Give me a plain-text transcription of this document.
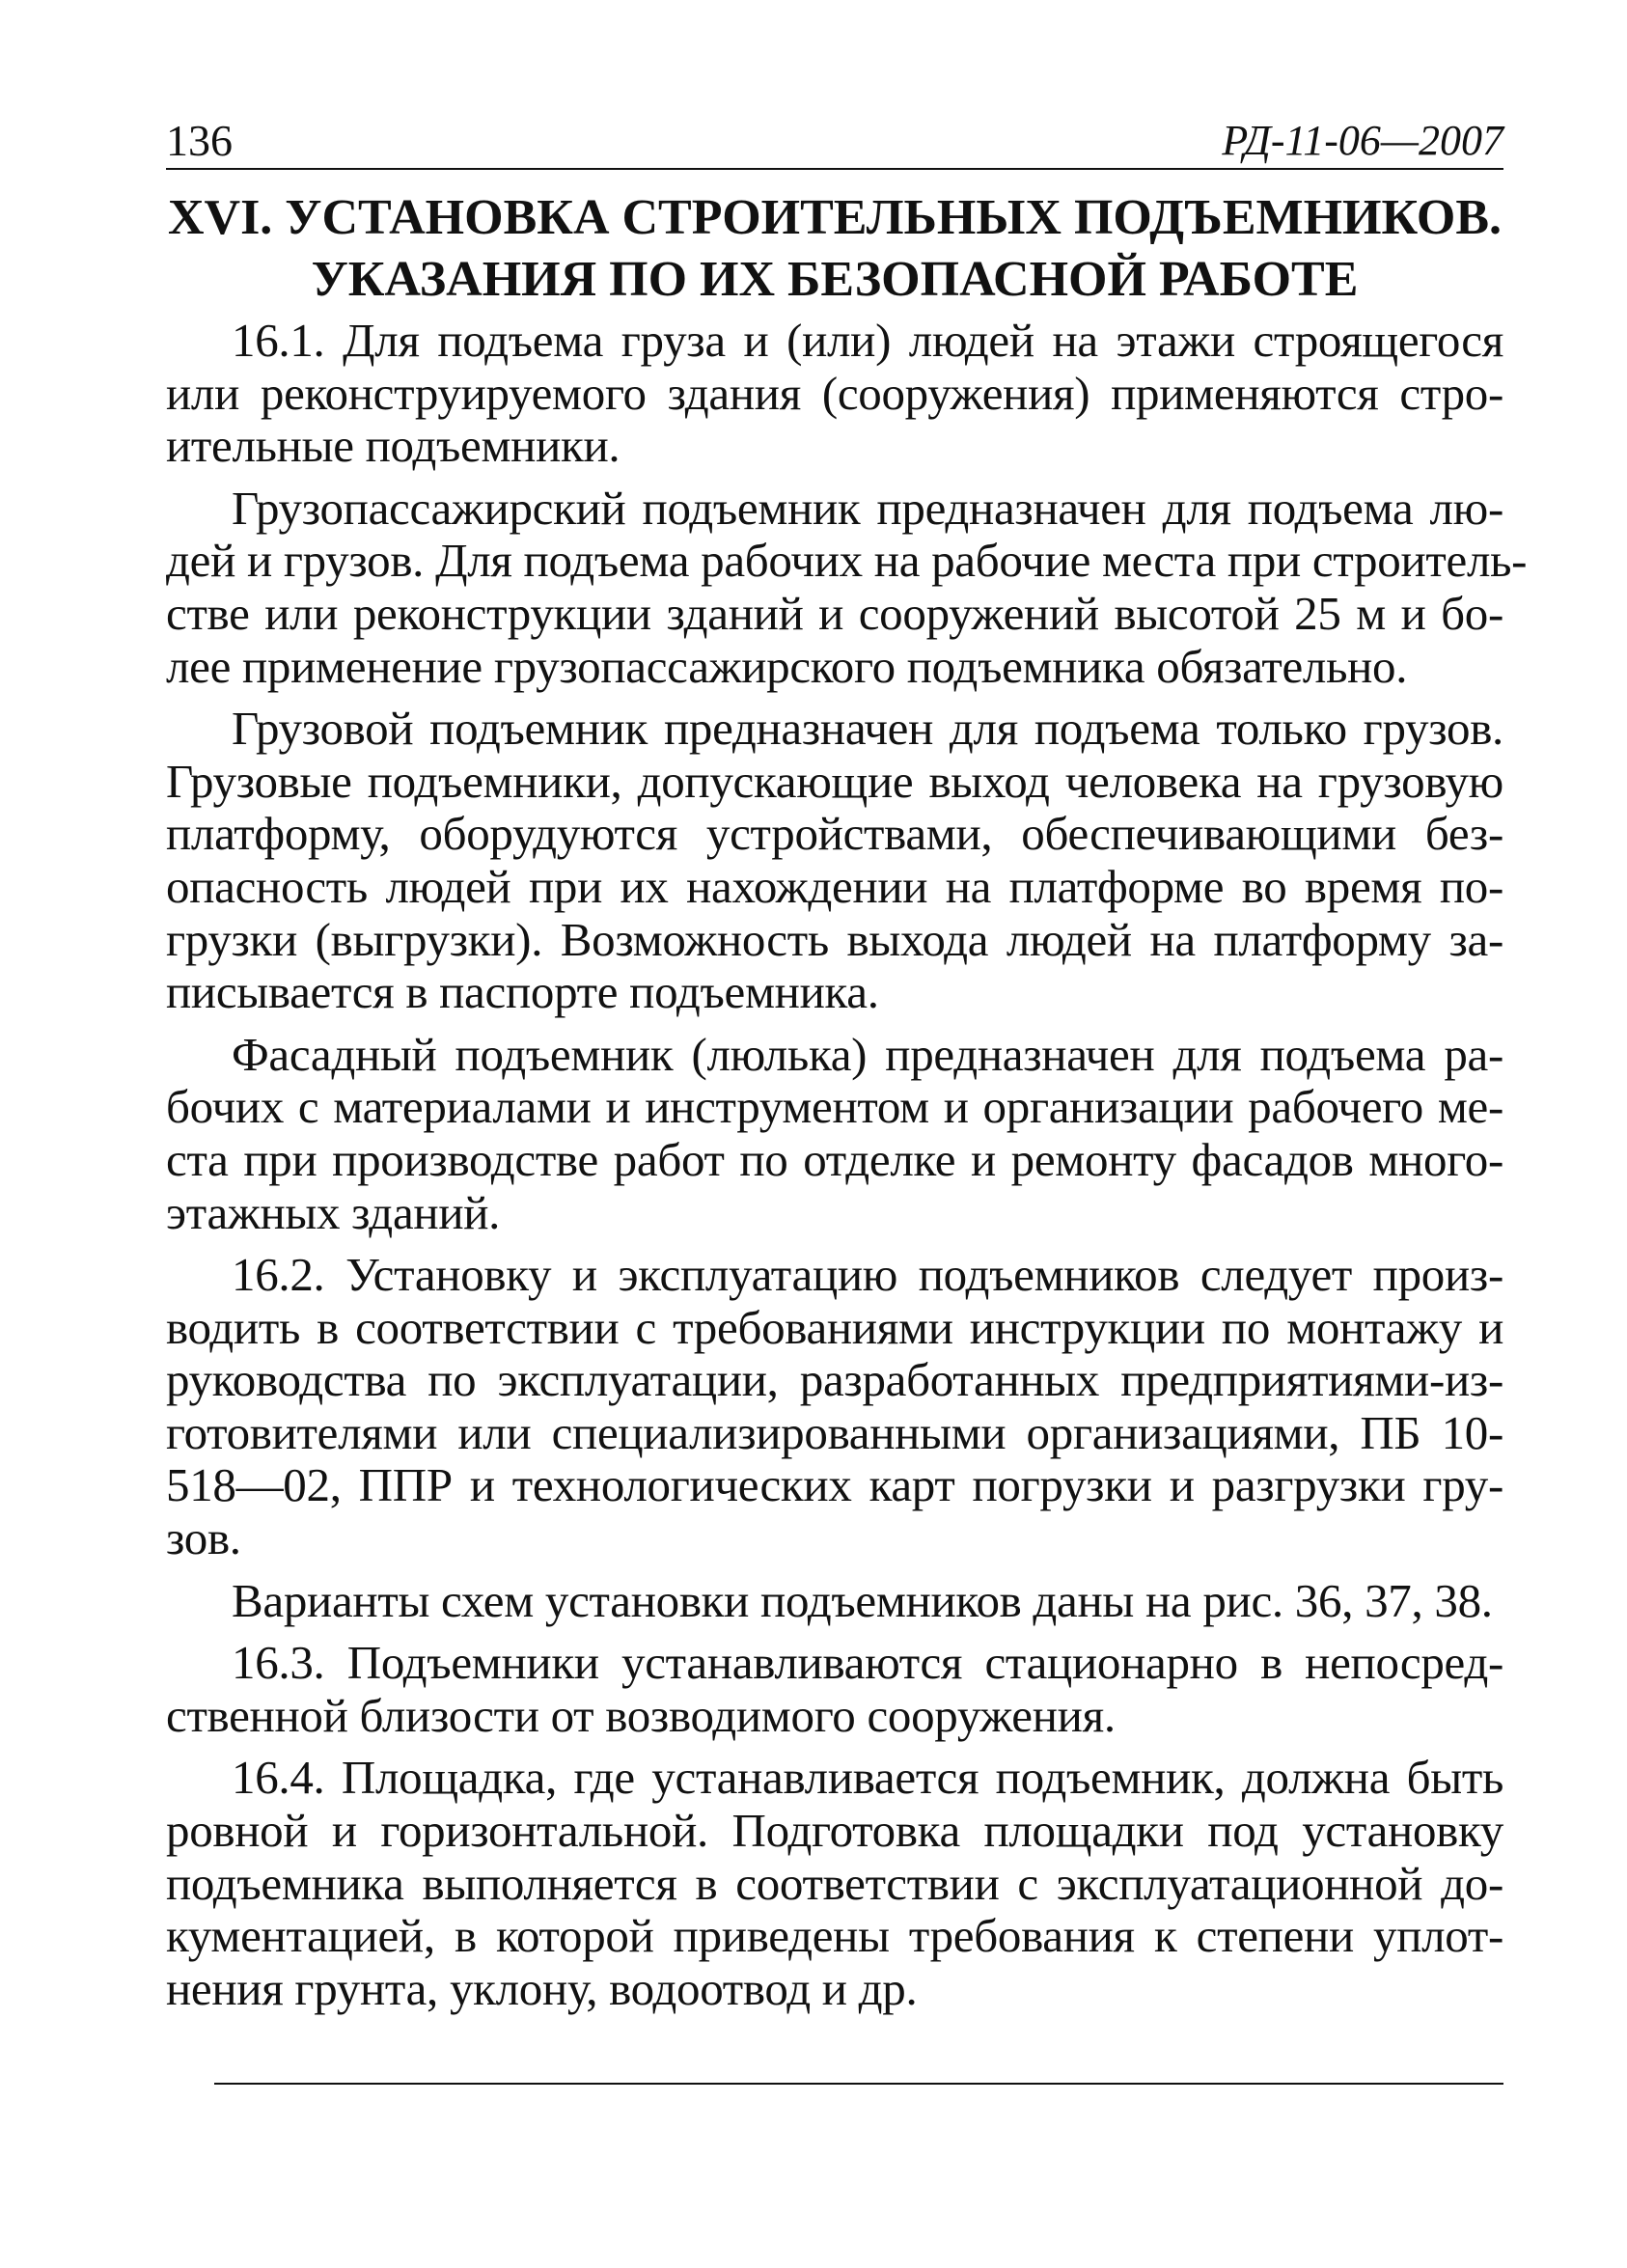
136	РД-11-06—2007
XVI. УСТАНОВКА СТРОИТЕЛЬНЫХ ПОДЪЕМНИКОВ.
УКАЗАНИЯ ПО ИХ БЕЗОПАСНОЙ РАБОТЕ
16.1. Для подъема груза и (или) людей на этажи строящегося
или реконструируемого здания (сооружения) применяются стро-
ительные подъемники.
Грузопассажирский подъемник предназначен для подъема лю-
дей и грузов. Для подъема рабочих на рабочие места при строитель-
стве или реконструкции зданий и сооружений высотой 25 м и бо-
лее применение грузопассажирского подъемника обязательно.
Грузовой подъемник предназначен для подъема только грузов.
Грузовые подъемники, допускающие выход человека на грузовую
платформу, оборудуются устройствами, обеспечивающими без-
опасность людей при их нахождении на платформе во время по-
грузки (выгрузки). Возможность выхода людей на платформу за-
писывается в паспорте подъемника.
Фасадный подъемник (люлька) предназначен для подъема ра-
бочих с материалами и инструментом и организации рабочего ме-
ста при производстве работ по отделке и ремонту фасадов много-
этажных зданий.
16.2. Установку и эксплуатацию подъемников следует произ-
водить в соответствии с требованиями инструкции по монтажу и
руководства по эксплуатации, разработанных предприятиями-из-
готовителями или специализированными организациями, ПБ 10-
518—02, ППР и технологических карт погрузки и разгрузки гру-
зов.
Варианты схем установки подъемников даны на рис. 36, 37, 38.
16.3. Подъемники устанавливаются стационарно в непосред-
ственной близости от возводимого сооружения.
16.4. Площадка, где устанавливается подъемник, должна быть
ровной и горизонтальной. Подготовка площадки под установку
подъемника выполняется в соответствии с эксплуатационной до-
кументацией, в которой приведены требования к степени уплот-
нения грунта, уклону, водоотвод и др.
